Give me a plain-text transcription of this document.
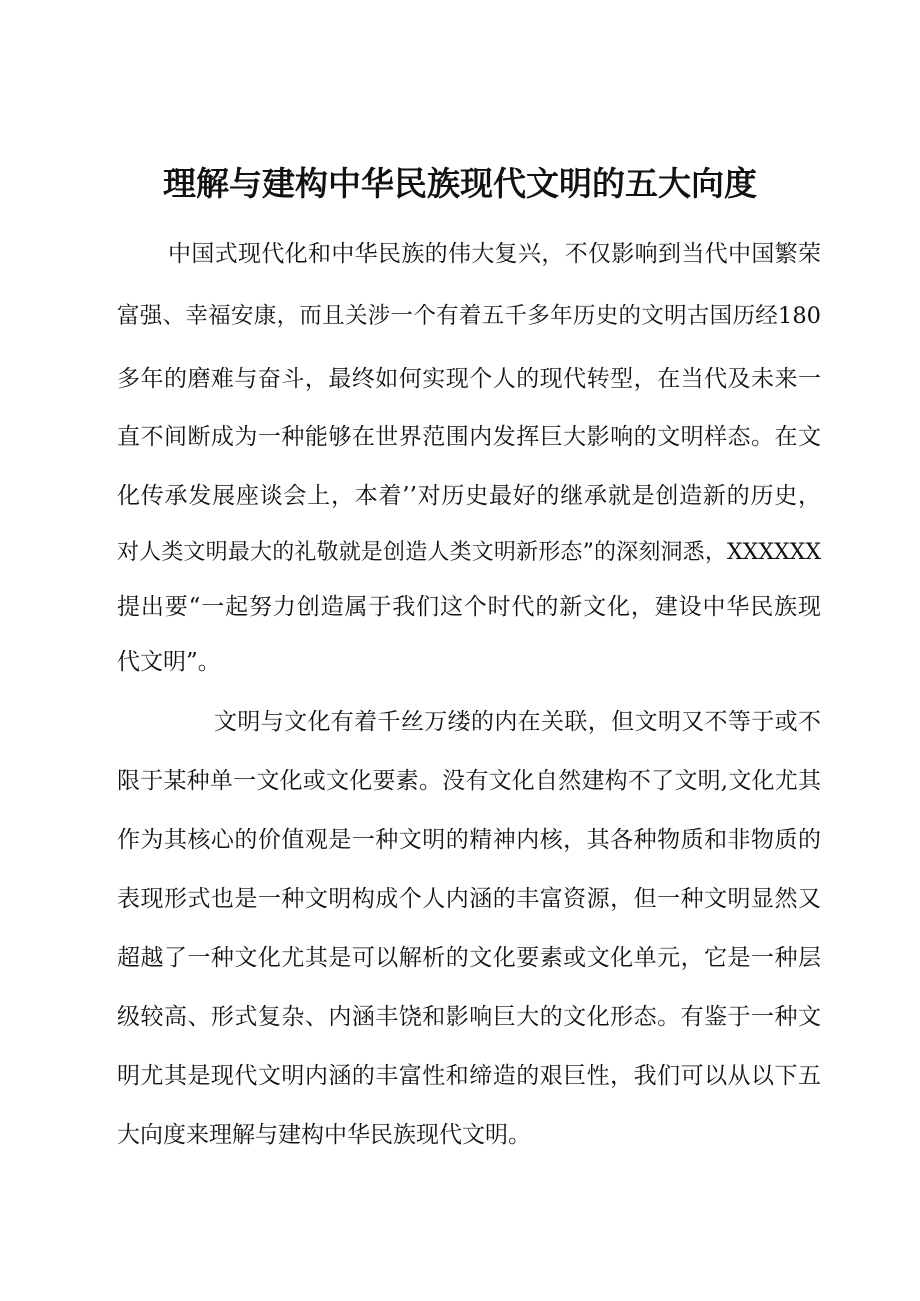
理解与建构中华民族现代文明的五大向度
中国式现代化和中华民族的伟大复兴，不仅影响到当代中国繁荣
富强、幸福安康，而且关涉一个有着五千多年历史的文明古国历经180
多年的磨难与奋斗，最终如何实现个人的现代转型，在当代及未来一
直不间断成为一种能够在世界范围内发挥巨大影响的文明样态。在文
化传承发展座谈会上，本着’’对历史最好的继承就是创造新的历史，
对人类文明最大的礼敬就是创造人类文明新形态”的深刻洞悉，XXXXXX
提出要“一起努力创造属于我们这个时代的新文化，建设中华民族现
代文明”。
文明与文化有着千丝万缕的内在关联，但文明又不等于或不
限于某种单一文化或文化要素。没有文化自然建构不了文明,文化尤其
作为其核心的价值观是一种文明的精神内核，其各种物质和非物质的
表现形式也是一种文明构成个人内涵的丰富资源，但一种文明显然又
超越了一种文化尤其是可以解析的文化要素或文化单元，它是一种层
级较高、形式复杂、内涵丰饶和影响巨大的文化形态。有鉴于一种文
明尤其是现代文明内涵的丰富性和缔造的艰巨性，我们可以从以下五
大向度来理解与建构中华民族现代文明。
